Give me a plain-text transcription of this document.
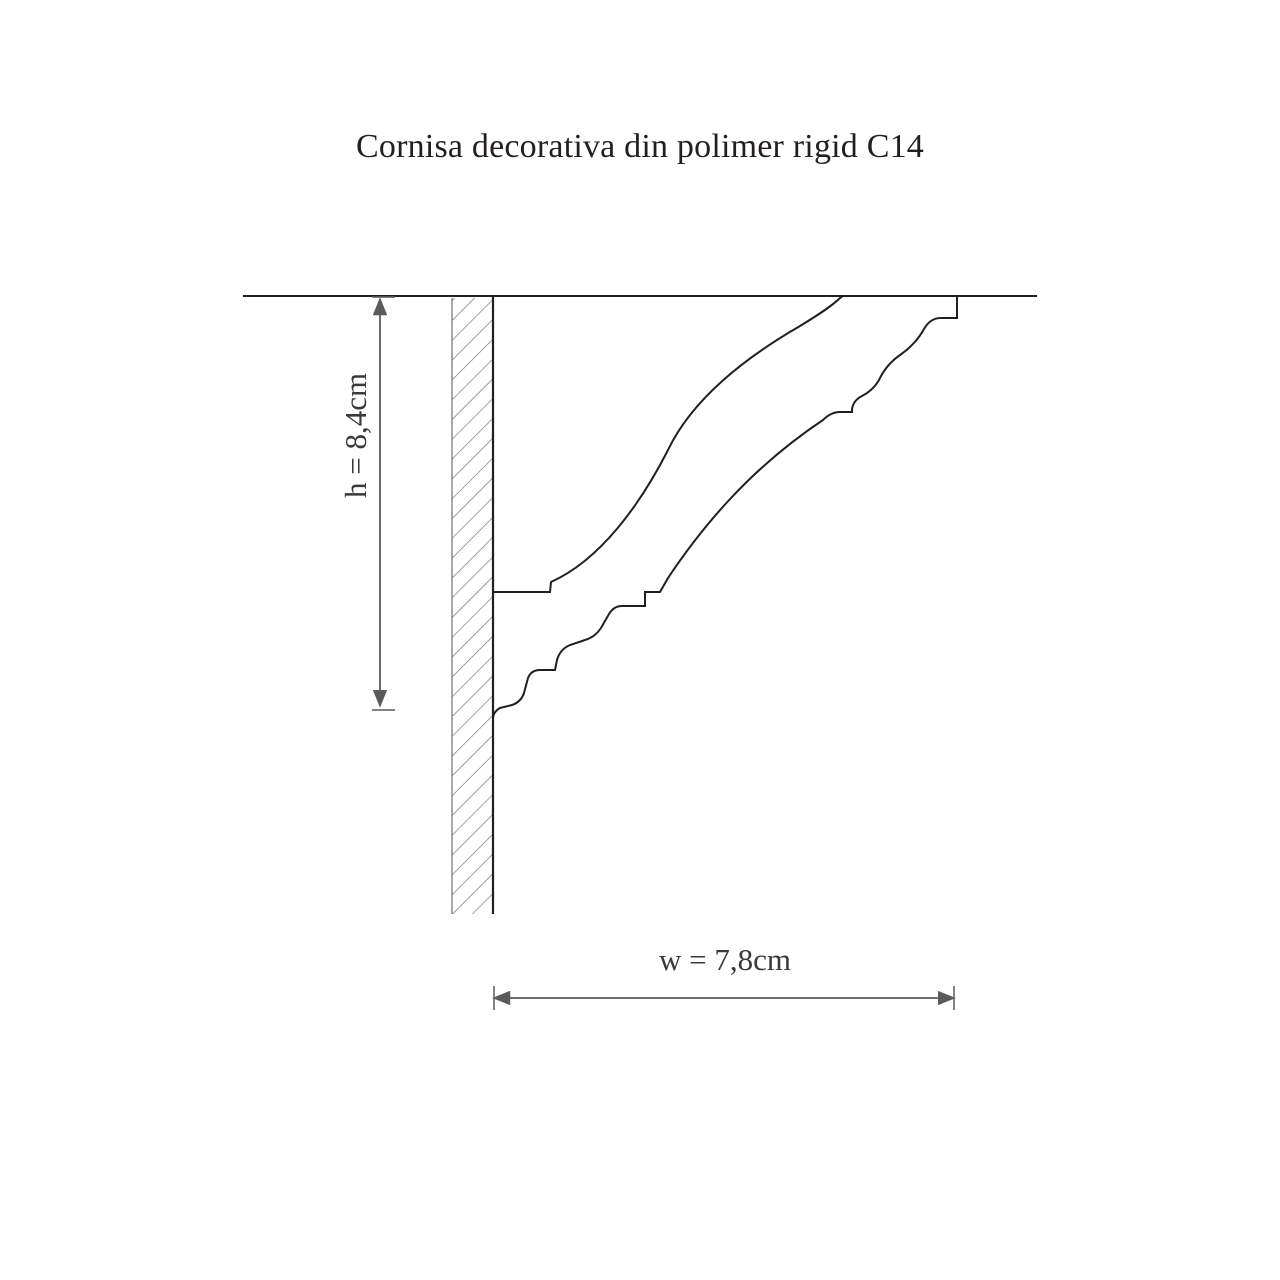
Cornisa decorativa din polimer rigid C14
h = 8,4cm
w = 7,8cm
